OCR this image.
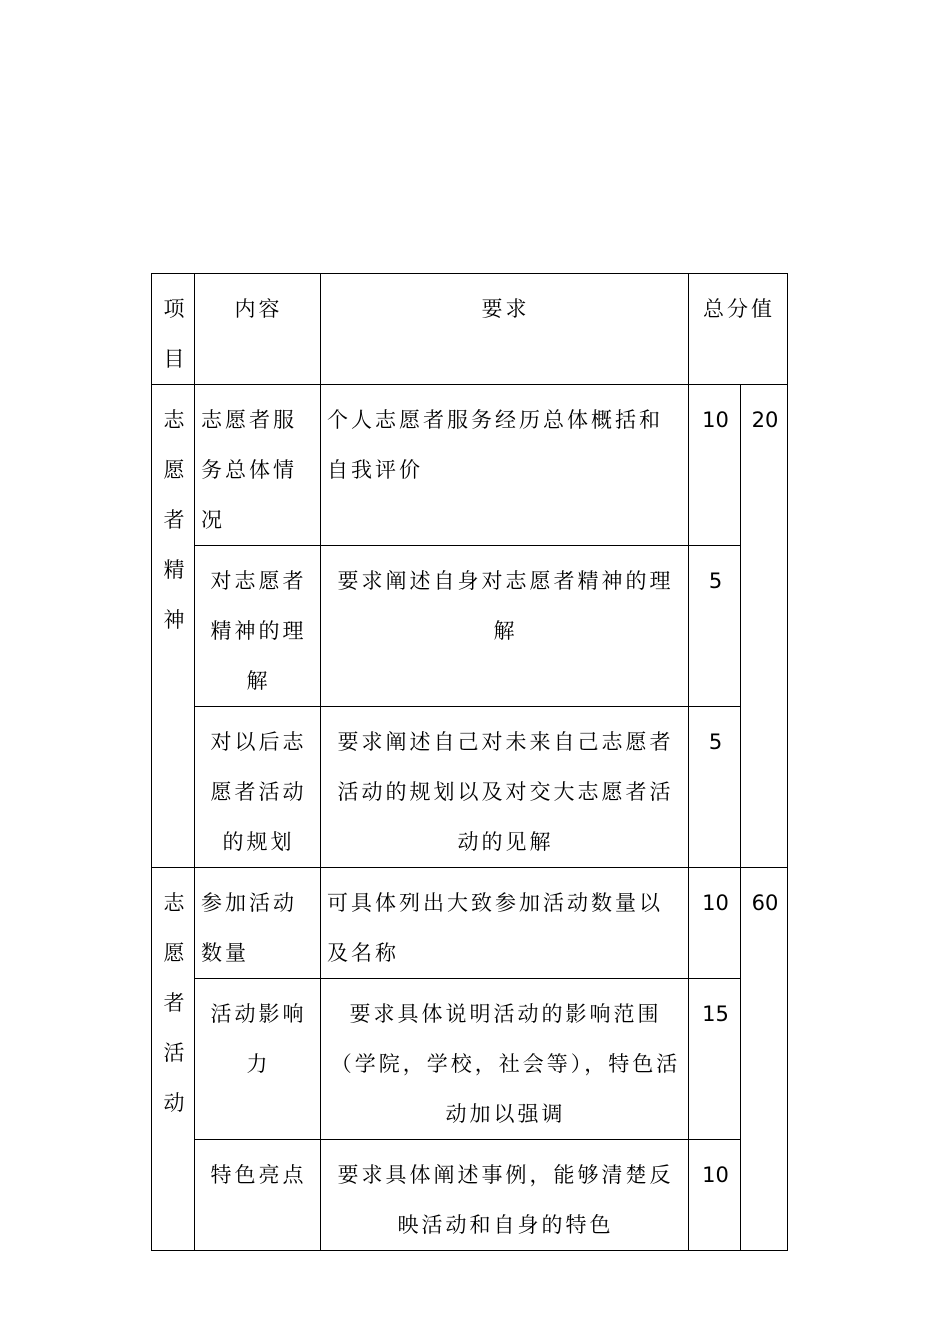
项目	内容	要求	总分值	
志愿者精神	志愿者服务总体情况	个人志愿者服务经历总体概括和自我评价	10	20
	对志愿者精神的理解	要求阐述自身对志愿者精神的理解	5	
	对以后志愿者活动的规划	要求阐述自己对未来自己志愿者活动的规划以及对交大志愿者活动的见解	5	
志愿者活动	参加活动数量	可具体列出大致参加活动数量以及名称	10	60
	活动影响力	要求具体说明活动的影响范围（学院，学校，社会等），特色活动加以强调	15	
	特色亮点	要求具体阐述事例，能够清楚反映活动和自身的特色	10	
